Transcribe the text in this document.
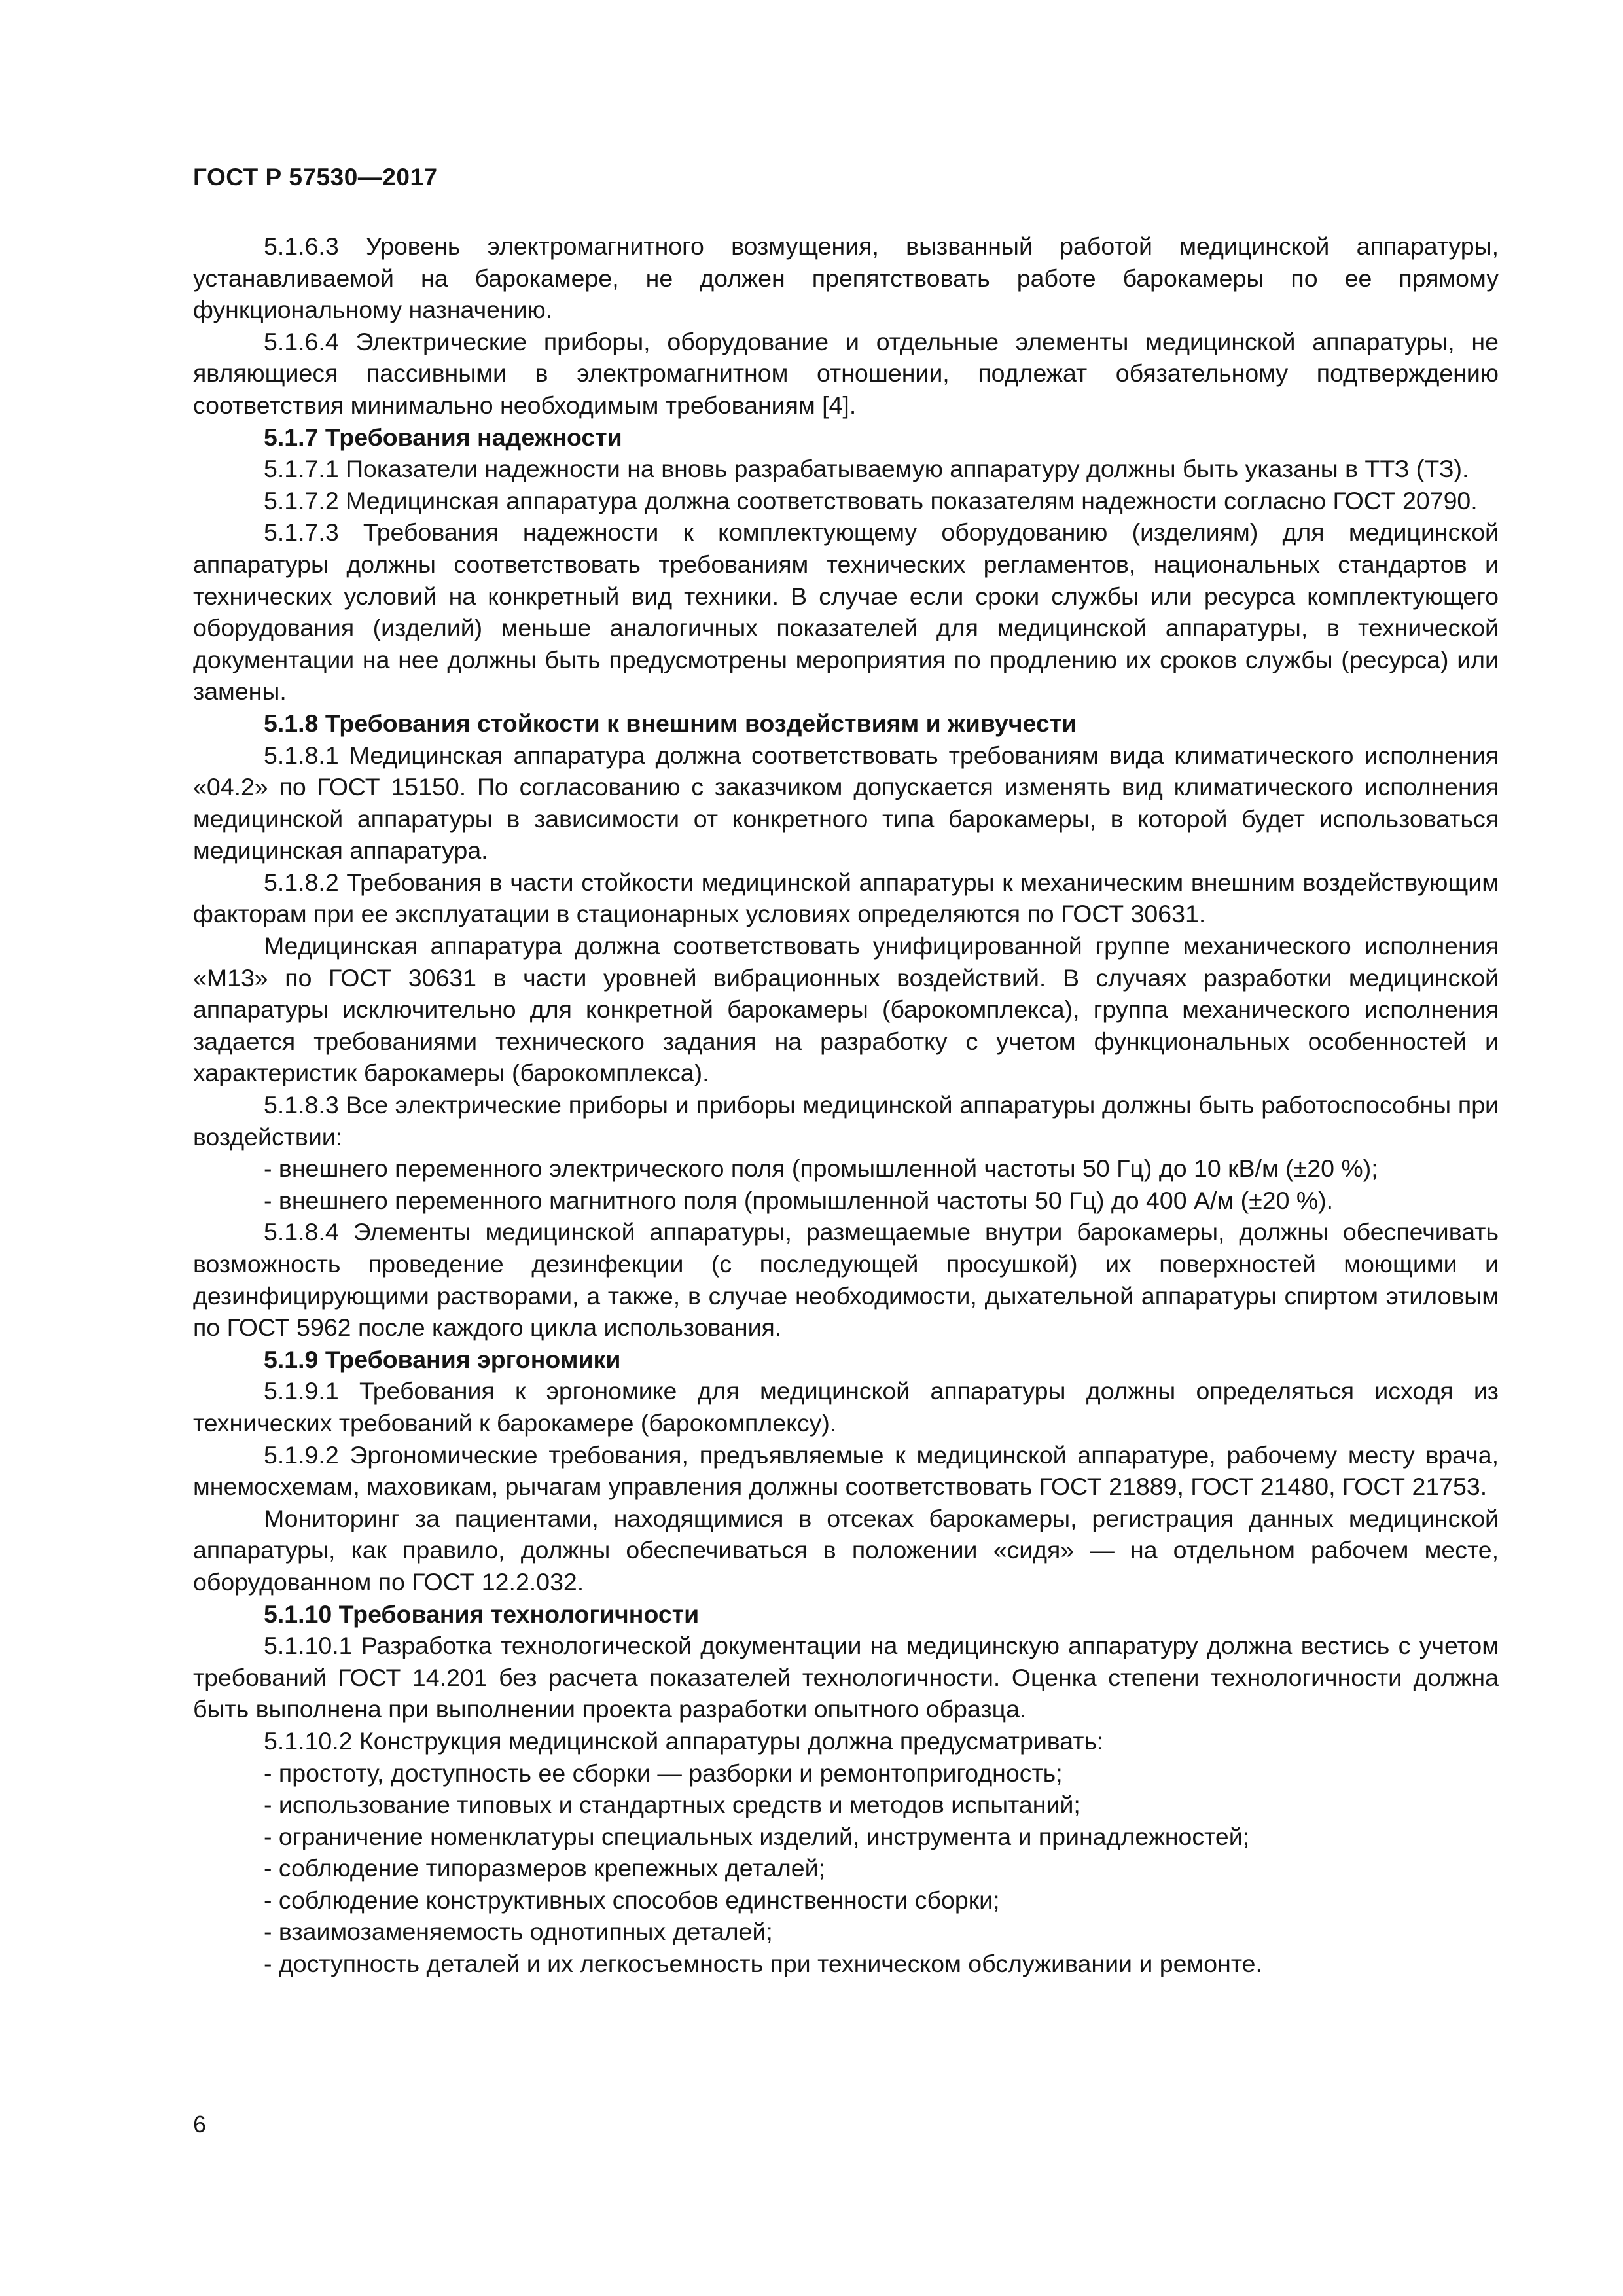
ГОСТ Р 57530—2017

5.1.6.3 Уровень электромагнитного возмущения, вызванный работой медицинской аппаратуры, устанавливаемой на барокамере, не должен препятствовать работе барокамеры по ее прямому функциональному назначению.

5.1.6.4 Электрические приборы, оборудование и отдельные элементы медицинской аппаратуры, не являющиеся пассивными в электромагнитном отношении, подлежат обязательному подтверждению соответствия минимально необходимым требованиям [4].

5.1.7 Требования надежности

5.1.7.1 Показатели надежности на вновь разрабатываемую аппаратуру должны быть указаны в ТТЗ (ТЗ).

5.1.7.2 Медицинская аппаратура должна соответствовать показателям надежности согласно ГОСТ 20790.

5.1.7.3 Требования надежности к комплектующему оборудованию (изделиям) для медицинской аппаратуры должны соответствовать требованиям технических регламентов, национальных стандартов и технических условий на конкретный вид техники. В случае если сроки службы или ресурса комплектующего оборудования (изделий) меньше аналогичных показателей для медицинской аппаратуры, в технической документации на нее должны быть предусмотрены мероприятия по продлению их сроков службы (ресурса) или замены.

5.1.8 Требования стойкости к внешним воздействиям и живучести

5.1.8.1 Медицинская аппаратура должна соответствовать требованиям вида климатического исполнения «04.2» по ГОСТ 15150. По согласованию с заказчиком допускается изменять вид климатического исполнения медицинской аппаратуры в зависимости от конкретного типа барокамеры, в которой будет использоваться медицинская аппаратура.

5.1.8.2 Требования в части стойкости медицинской аппаратуры к механическим внешним воздействующим факторам при ее эксплуатации в стационарных условиях определяются по ГОСТ 30631.

Медицинская аппаратура должна соответствовать унифицированной группе механического исполнения «М13» по ГОСТ 30631 в части уровней вибрационных воздействий. В случаях разработки медицинской аппаратуры исключительно для конкретной барокамеры (барокомплекса), группа механического исполнения задается требованиями технического задания на разработку с учетом функциональных особенностей и характеристик барокамеры (барокомплекса).

5.1.8.3 Все электрические приборы и приборы медицинской аппаратуры должны быть работоспособны при воздействии:

- внешнего переменного электрического поля (промышленной частоты 50 Гц) до 10 кВ/м (±20 %);

- внешнего переменного магнитного поля (промышленной частоты 50 Гц) до 400 А/м (±20 %).

5.1.8.4 Элементы медицинской аппаратуры, размещаемые внутри барокамеры, должны обеспечивать возможность проведение дезинфекции (с последующей просушкой) их поверхностей моющими и дезинфицирующими растворами, а также, в случае необходимости, дыхательной аппаратуры спиртом этиловым по ГОСТ 5962 после каждого цикла использования.

5.1.9 Требования эргономики

5.1.9.1 Требования к эргономике для медицинской аппаратуры должны определяться исходя из технических требований к барокамере (барокомплексу).

5.1.9.2 Эргономические требования, предъявляемые к медицинской аппаратуре, рабочему месту врача, мнемосхемам, маховикам, рычагам управления должны соответствовать ГОСТ 21889, ГОСТ 21480, ГОСТ 21753.

Мониторинг за пациентами, находящимися в отсеках барокамеры, регистрация данных медицинской аппаратуры, как правило, должны обеспечиваться в положении «сидя» — на отдельном рабочем месте, оборудованном по ГОСТ 12.2.032.

5.1.10 Требования технологичности

5.1.10.1 Разработка технологической документации на медицинскую аппаратуру должна вестись с учетом требований ГОСТ 14.201 без расчета показателей технологичности. Оценка степени технологичности должна быть выполнена при выполнении проекта разработки опытного образца.

5.1.10.2 Конструкция медицинской аппаратуры должна предусматривать:

- простоту, доступность ее сборки — разборки и ремонтопригодность;

- использование типовых и стандартных средств и методов испытаний;

- ограничение номенклатуры специальных изделий, инструмента и принадлежностей;

- соблюдение типоразмеров крепежных деталей;

- соблюдение конструктивных способов единственности сборки;

- взаимозаменяемость однотипных деталей;

- доступность деталей и их легкосъемность при техническом обслуживании и ремонте.

6
